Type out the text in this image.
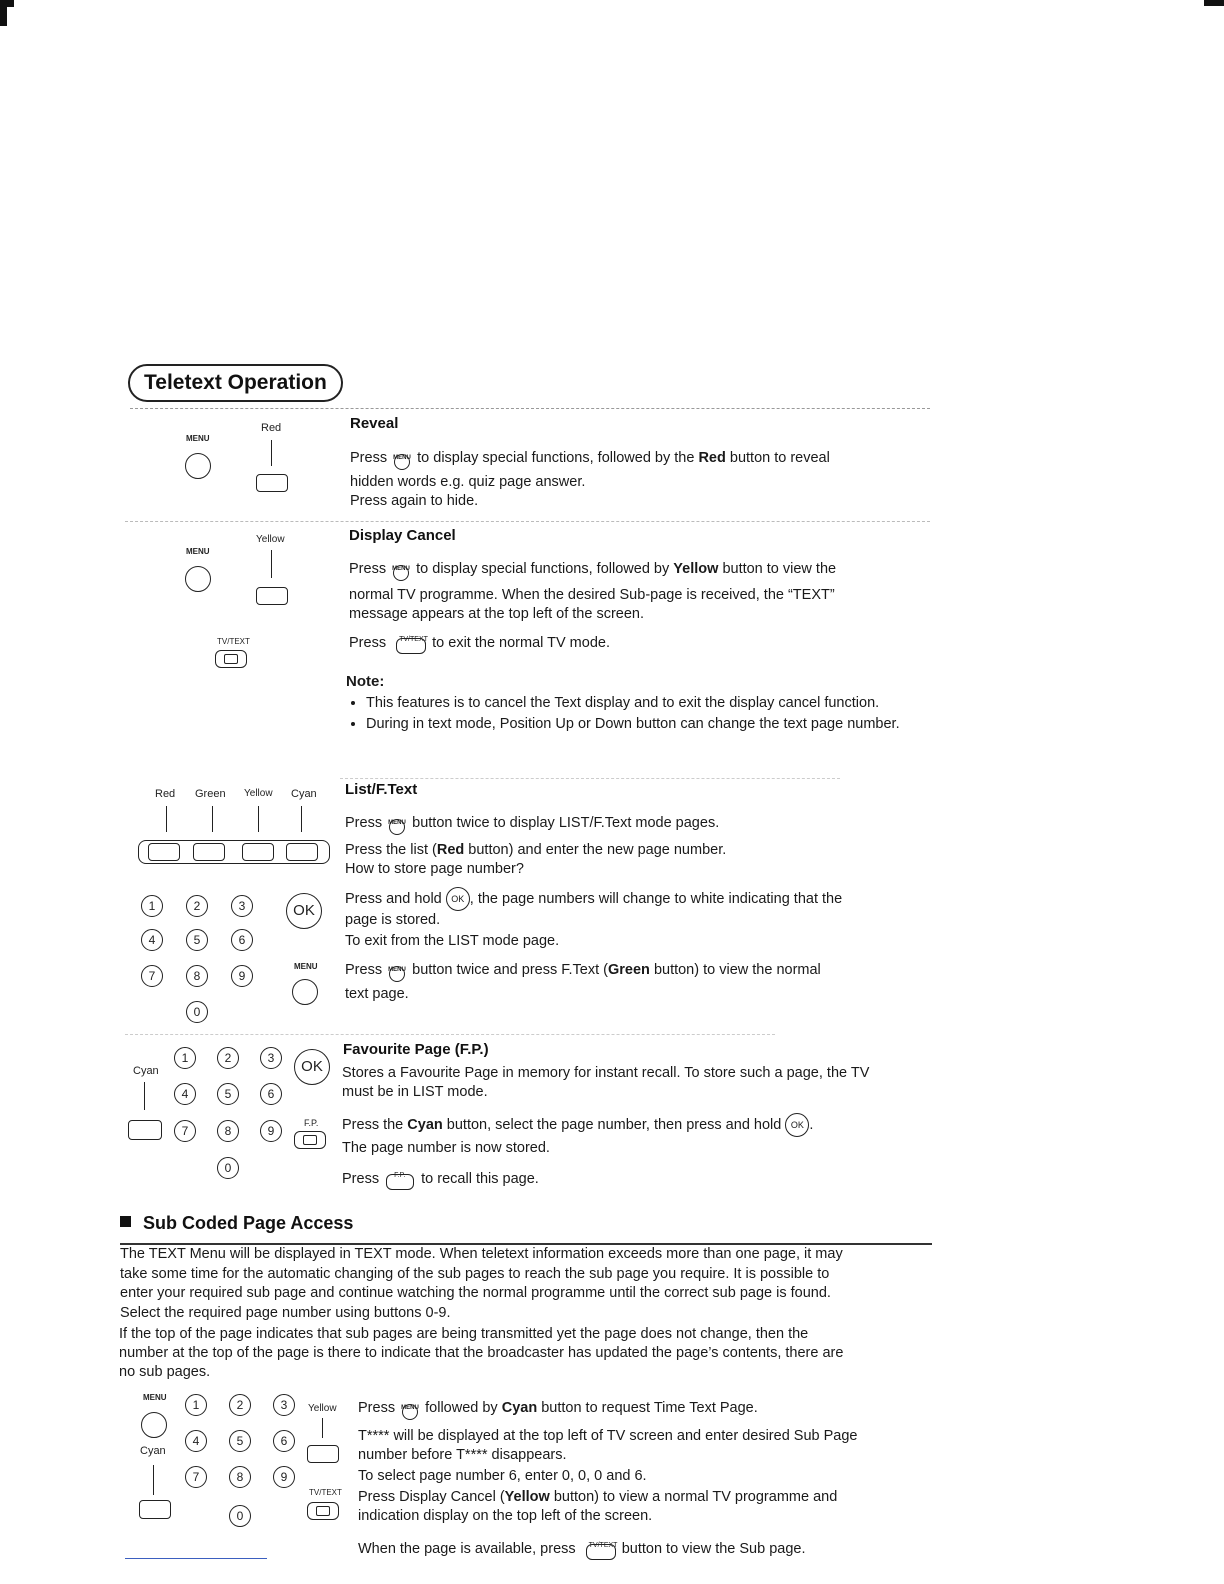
Teletext Operation
MENU
Red	Reveal
Press MENU to display special functions, followed by the Red button to reveal
hidden words e.g. quiz page answer.
Press again to hide.
MENU
Yellow
TV/TEXT
Display Cancel
Press MENU to display special functions, followed by Yellow button to view the
normal TV programme. When the desired Sub-page is received, the “TEXT”
message appears at the top left of the screen.
Press TV/TEXT to exit the normal TV mode.
Note:
• This features is to cancel the Text display and to exit the display cancel function.
• During in text mode, Position Up or Down button can change the text page number.
Red Green Yellow Cyan
1	2	3
4	5	6
7	8	9
0
OK
MENU
List/F.Text
Press MENU button twice to display LIST/F.Text mode pages.
Press the list (Red button) and enter the new page number.
How to store page number?
Press and hold OK , the page numbers will change to white indicating that the
page is stored.
To exit from the LIST mode page.
Press MENU button twice and press F.Text (Green button) to view the normal
text page.
Cyan
1	2	3
4	5	6
7	8	9
0
OK
F.P.
Favourite Page (F.P.)
Stores a Favourite Page in memory for instant recall. To store such a page, the TV
must be in LIST mode.
Press the Cyan button, select the page number, then press and hold OK .
The page number is now stored.
Press F.P. to recall this page.
Sub Coded Page Access
The TEXT Menu will be displayed in TEXT mode. When teletext information exceeds more than one page, it may
take some time for the automatic changing of the sub pages to reach the sub page you require. It is possible to
enter your required sub page and continue watching the normal programme until the correct sub page is found.
Select the required page number using buttons 0-9.
If the top of the page indicates that sub pages are being transmitted yet the page does not change, then the
number at the top of the page is there to indicate that the broadcaster has updated the page’s contents, there are
no sub pages.
MENU
Cyan
1	2	3
4	5	6
7	8	9
0
Yellow
TV/TEXT
Press MENU followed by Cyan button to request Time Text Page.
T**** will be displayed at the top left of TV screen and enter desired Sub Page
number before T**** disappears.
To select page number 6, enter 0, 0, 0 and 6.
Press Display Cancel (Yellow button) to view a normal TV programme and
indication display on the top left of the screen.
When the page is available, press TV/TEXT button to view the Sub page.
